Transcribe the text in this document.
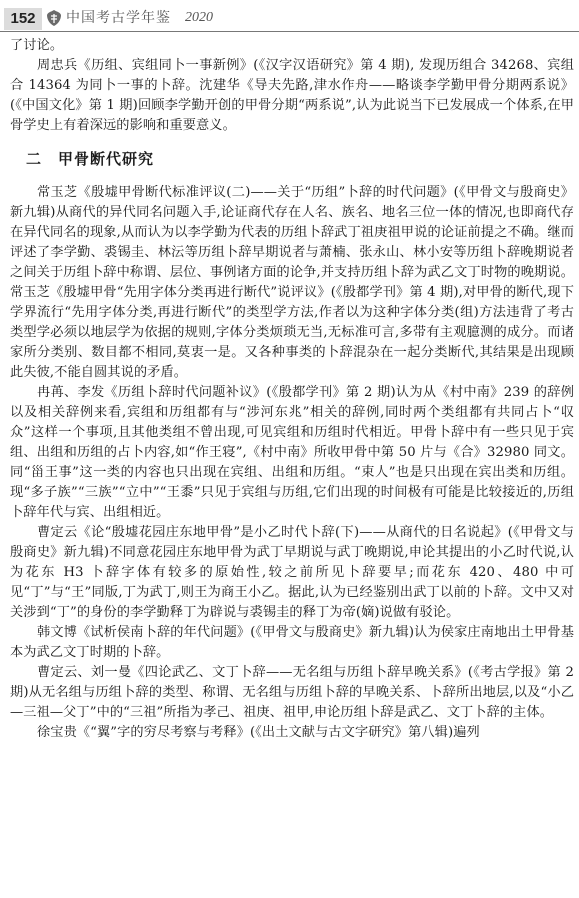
152	中国考古学年鉴 2020

了讨论。

周忠兵《历组、宾组同卜一事新例》(《汉字汉语研究》第 4 期), 发现历组合 34268、宾组合 14364 为同卜一事的卜辞。沈建华《导夫先路,津水作舟——略谈李学勤甲骨分期两系说》(《中国文化》第 1 期)回顾李学勤开创的甲骨分期“两系说”,认为此说当下已发展成一个体系,在甲骨学史上有着深远的影响和重要意义。

二 甲骨断代研究

常玉芝《殷墟甲骨断代标准评议(二)——关于“历组”卜辞的时代问题》(《甲骨文与殷商史》新九辑)从商代的异代同名问题入手,论证商代存在人名、族名、地名三位一体的情况,也即商代存在异代同名的现象,从而认为以李学勤为代表的历组卜辞武丁祖庚祖甲说的论证前提之不确。继而评述了李学勤、裘锡圭、林沄等历组卜辞早期说者与萧楠、张永山、林小安等历组卜辞晚期说者之间关于历组卜辞中称谓、层位、事例诸方面的论争,并支持历组卜辞为武乙文丁时物的晚期说。常玉芝《殷墟甲骨“先用字体分类再进行断代”说评议》(《殷都学刊》第 4 期),对甲骨的断代,现下学界流行“先用字体分类,再进行断代”的类型学方法,作者以为这种字体分类(组)方法违背了考古类型学必须以地层学为依据的规则,字体分类烦琐无当,无标准可言,多带有主观臆测的成分。而诸家所分类别、数目都不相同,莫衷一是。又各种事类的卜辞混杂在一起分类断代,其结果是出现顾此失彼,不能自圆其说的矛盾。

冉苒、李发《历组卜辞时代问题补议》(《殷都学刊》第 2 期)认为从《村中南》239 的辞例以及相关辞例来看,宾组和历组都有与“涉河东兆”相关的辞例,同时两个类组都有共同占卜“収众”这样一个事项,且其他类组不曾出现,可见宾组和历组时代相近。甲骨卜辞中有一些只见于宾组、出组和历组的占卜内容,如“作王寝”,《村中南》所收甲骨中第 50 片与《合》32980 同文。同“甾王事”这一类的内容也只出现在宾组、出组和历组。“束人”也是只出现在宾出类和历组。现“多子族”“三族”“立中”“王黍”只见于宾组与历组,它们出现的时间极有可能是比较接近的,历组卜辞年代与宾、出组相近。

曹定云《论“殷墟花园庄东地甲骨”是小乙时代卜辞(下)——从商代的日名说起》(《甲骨文与殷商史》新九辑)不同意花园庄东地甲骨为武丁早期说与武丁晚期说,申论其提出的小乙时代说,认为花东 H3 卜辞字体有较多的原始性,较之前所见卜辞要早;而花东 420、480 中可见“丁”与“王”同版,丁为武丁,则王为商王小乙。据此,认为已经鉴别出武丁以前的卜辞。文中又对关涉到“丁”的身份的李学勤释丁为辟说与裘锡圭的释丁为帝(嫡)说做有驳论。

韩文博《试析侯南卜辞的年代问题》(《甲骨文与殷商史》新九辑)认为侯家庄南地出土甲骨基本为武乙文丁时期的卜辞。

曹定云、刘一曼《四论武乙、文丁卜辞——无名组与历组卜辞早晚关系》(《考古学报》第 2 期)从无名组与历组卜辞的类型、称谓、无名组与历组卜辞的早晚关系、卜辞所出地层,以及“小乙—三祖—父丁”中的“三祖”所指为孝己、祖庚、祖甲,申论历组卜辞是武乙、文丁卜辞的主体。

徐宝贵《“翼”字的穷尽考察与考释》(《出土文献与古文字研究》第八辑)遍列
